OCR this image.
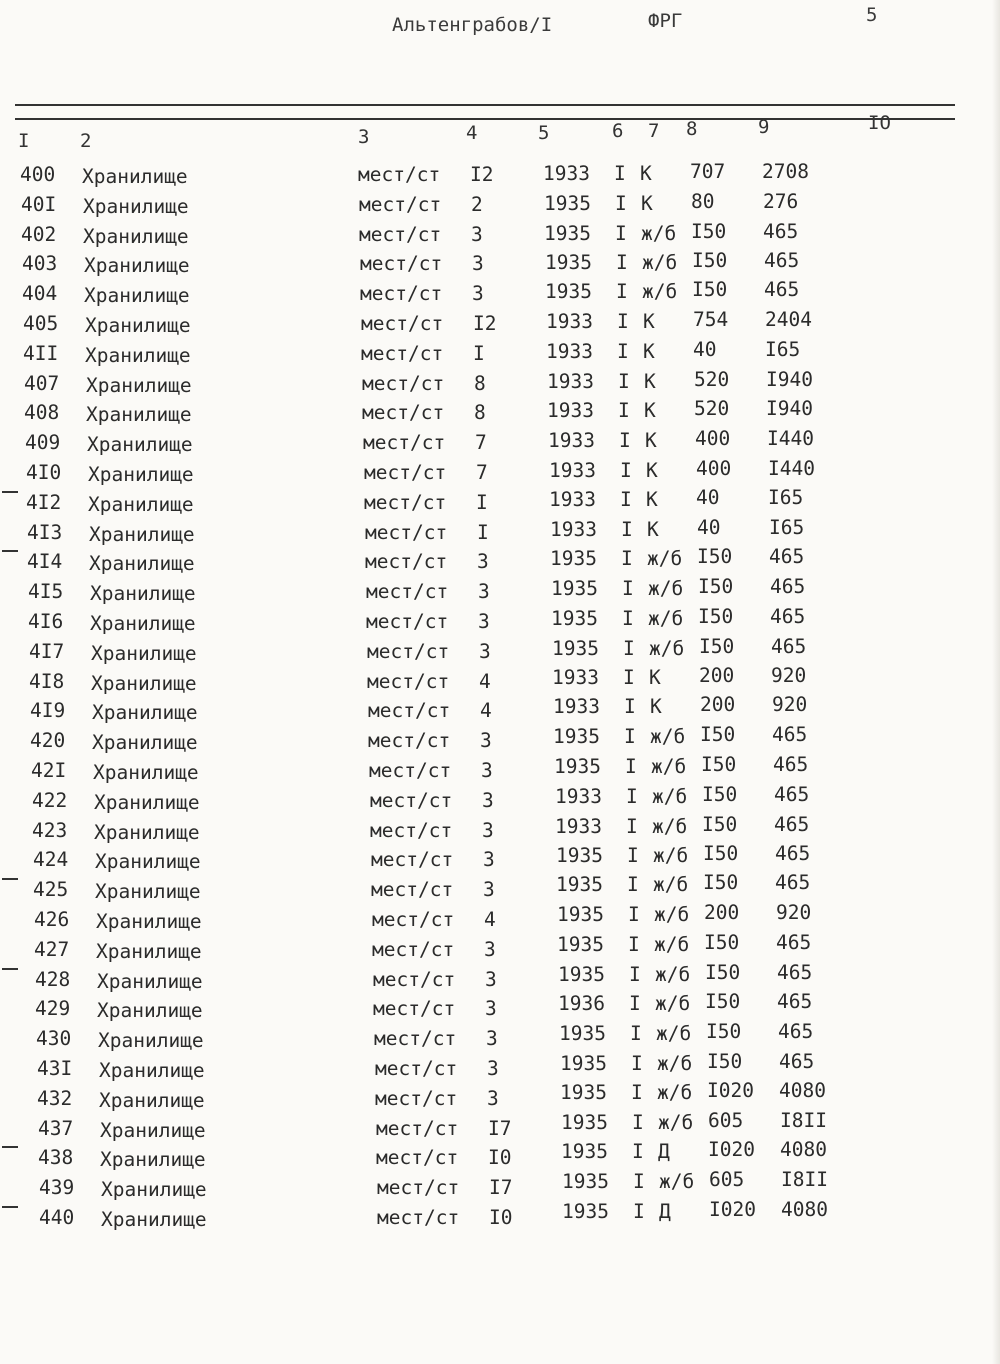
Альтенграбов/I	ФРГ	5
I	2	3	4	5	6 7 8	9	IO
400 Хранилище	мест/ст I2	1933 I К 707 2708
40I Хранилище	мест/ст 2	1935 I К 80 276
402 Хранилище	мест/ст 3	1935 I ж/б I50 465
403 Хранилище	мест/ст 3	1935 I ж/б I50 465
404 Хранилище	мест/ст 3	1935 I ж/б I50 465
405 Хранилище	мест/ст I2	1933 I К 754 2404
4II Хранилище	мест/ст I	1933 I К 40 I65
407 Хранилище	мест/ст 8	1933 I К 520 I940
408 Хранилище	мест/ст 8	1933 I К 520 I940
409 Хранилище	мест/ст 7	1933 I К 400 I440
4I0 Хранилище	мест/ст 7	1933 I К 400 I440
4I2 Хранилище	мест/ст I	1933 I К 40 I65
4I3 Хранилище	мест/ст I	1933 I К 40 I65
4I4 Хранилище	мест/ст 3	1935 I ж/б I50 465
4I5 Хранилище	мест/ст 3	1935 I ж/б I50 465
4I6 Хранилище	мест/ст 3	1935 I ж/б I50 465
4I7 Хранилище	мест/ст 3	1935 I ж/б I50 465
4I8 Хранилище	мест/ст 4	1933 I К 200 920
4I9 Хранилище	мест/ст 4	1933 I К 200 920
420 Хранилище	мест/ст 3	1935 I ж/б I50 465
42I Хранилище	мест/ст 3	1935 I ж/б I50 465
422 Хранилище	мест/ст 3	1933 I ж/б I50 465
423 Хранилище	мест/ст 3	1933 I ж/б I50 465
424 Хранилище	мест/ст 3	1935 I ж/б I50 465
425 Хранилище	мест/ст 3	1935 I ж/б I50 465
426 Хранилище	мест/ст 4	1935 I ж/б 200 920
427 Хранилище	мест/ст 3	1935 I ж/б I50 465
428 Хранилище	мест/ст 3	1935 I ж/б I50 465
429 Хранилище	мест/ст 3	1936 I ж/б I50 465
430 Хранилище	мест/ст 3	1935 I ж/б I50 465
43I Хранилище	мест/ст 3	1935 I ж/б I50 465
432 Хранилище	мест/ст 3	1935 I ж/б I020 4080
437 Хранилище	мест/ст I7	1935 I ж/б 605 I8II
438 Хранилище	мест/ст I0	1935 I Д I020 4080
439 Хранилище	мест/ст I7	1935 I ж/б 605 I8II
440 Хранилище	мест/ст I0	1935 I Д I020 4080
